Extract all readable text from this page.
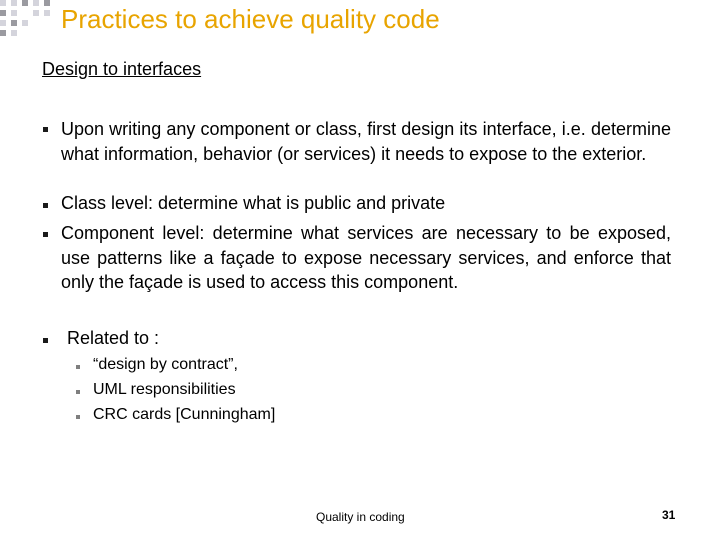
Practices to achieve quality code
Design to interfaces
Upon writing any component or class, first design its interface, i.e. determine what information, behavior (or services) it needs to expose to the exterior.
Class level: determine what is public and private
Component level: determine what services are necessary to be exposed, use patterns like a façade to expose necessary services, and enforce that only the façade is used to access this component.
Related to :
“design by contract”,
UML responsibilities
CRC cards [Cunningham]
Quality in coding	31
